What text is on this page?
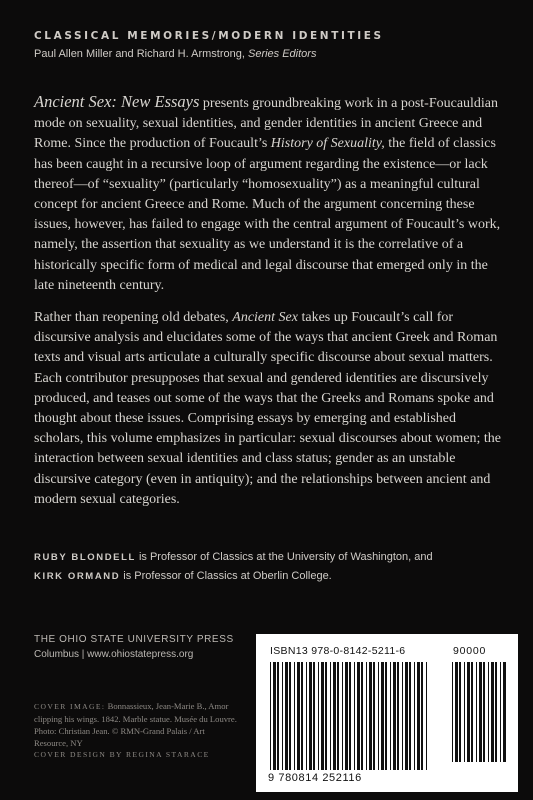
CLASSICAL MEMORIES/MODERN IDENTITIES
Paul Allen Miller and Richard H. Armstrong, Series Editors

Ancient Sex: New Essays presents groundbreaking work in a post-Foucauldian mode on sexuality, sexual identities, and gender identities in ancient Greece and Rome. Since the production of Foucault’s History of Sexuality, the field of classics has been caught in a recursive loop of argument regarding the existence—or lack thereof—of “sexuality” (particularly “homosexuality”) as a meaningful cultural concept for ancient Greece and Rome. Much of the argument concerning these issues, however, has failed to engage with the central argument of Foucault’s work, namely, the assertion that sexuality as we understand it is the correlative of a historically specific form of medical and legal discourse that emerged only in the late nineteenth century.

Rather than reopening old debates, Ancient Sex takes up Foucault’s call for discursive analysis and elucidates some of the ways that ancient Greek and Roman texts and visual arts articulate a culturally specific discourse about sexual matters. Each contributor presupposes that sexual and gendered identities are discursively produced, and teases out some of the ways that the Greeks and Romans spoke and thought about these issues. Comprising essays by emerging and established scholars, this volume emphasizes in particular: sexual discourses about women; the interaction between sexual identities and class status; gender as an unstable discursive category (even in antiquity); and the relationships between ancient and modern sexual categories.

RUBY BLONDELL is Professor of Classics at the University of Washington, and
KIRK ORMAND is Professor of Classics at Oberlin College.
THE OHIO STATE UNIVERSITY PRESS
Columbus | www.ohiostatepress.org
COVER IMAGE: Bonnassieux, Jean-Marie B., Amor clipping his wings. 1842. Marble statue. Musée du Louvre. Photo: Christian Jean. © RMN-Grand Palais / Art Resource, NY
COVER DESIGN BY REGINA STARACE
ISBN13 978-0-8142-5211-6	90000
9 780814 252116
